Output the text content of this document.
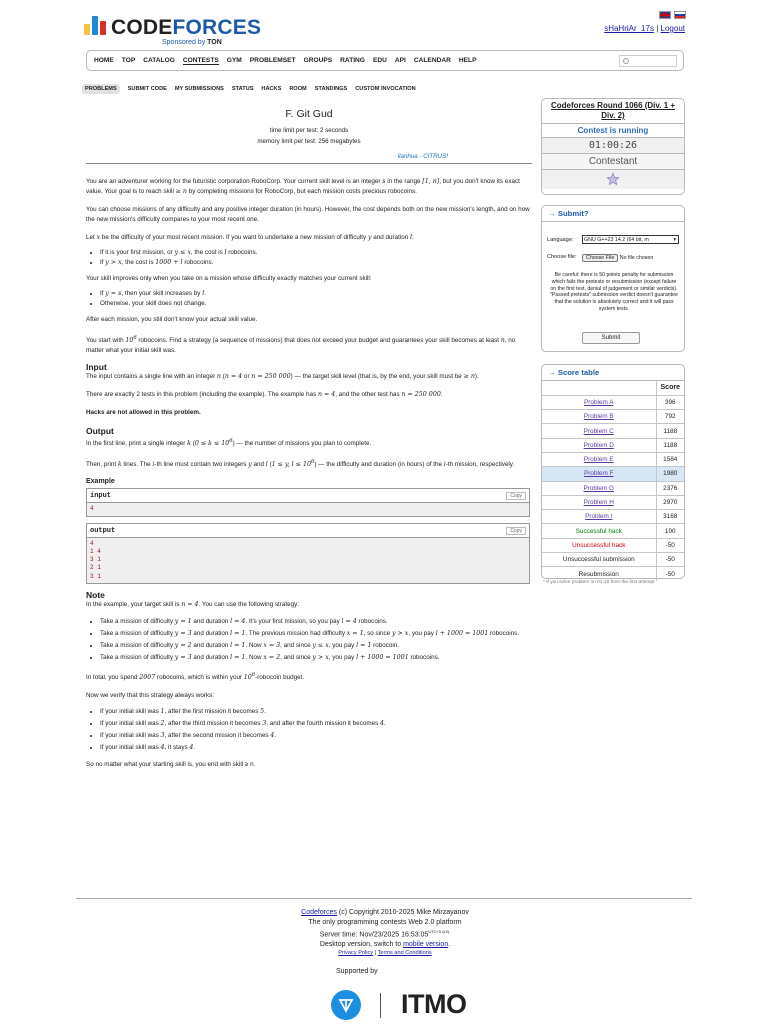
CODEFORCES
Sponsored by TON
sHaHriAr_17s | Logout
HOME TOP CATALOG CONTESTS GYM PROBLEMSET GROUPS RATING EDU API CALENDAR HELP
PROBLEMS	SUBMIT CODE MY SUBMISSIONS STATUS HACKS ROOM STANDINGS CUSTOM INVOCATION
F. Git Gud
time limit per test: 2 seconds
memory limit per test: 256 megabytes
llanhua - CITRUS!

You are an adventurer working for the futuristic corporation RoboCorp. Your current skill level is an integer s in the range [1, n], but you don't know its exact value. Your goal is to reach skill ≥ n by completing missions for RoboCorp, but each mission costs precious robocoins.

You can choose missions of any difficulty and any positive integer duration (in hours). However, the cost depends both on the new mission's length, and on how the new mission's difficulty compares to your most recent one.

Let x be the difficulty of your most recent mission. If you want to undertake a new mission of difficulty y and duration l:

• If it is your first mission, or y ≤ x, the cost is l robocoins.
• If y > x, the cost is 1000 + l robocoins.

Your skill improves only when you take on a mission whose difficulty exactly matches your current skill:

• If y = s, then your skill increases by l.
• Otherwise, your skill does not change.

After each mission, you still don't know your actual skill value.

You start with $10^6$ robocoins. Find a strategy (a sequence of missions) that does not exceed your budget and guarantees your skill becomes at least n, no matter what your initial skill was.

Input

The input contains a single line with an integer n (n = 4 or n = 250 000) — the target skill level (that is, by the end, your skill must be ≥ n).

There are exactly 2 tests in this problem (including the example). The example has n = 4, and the other test has n = 250 000.

Hacks are not allowed in this problem.

Output

In the first line, print a single integer k $(0 \le k \le 10^6)$ — the number of missions you plan to complete.

Then, print k lines. The i-th line must contain two integers y and l (1 ≤ y, $l \le 10^6$) — the difficulty and duration (in hours) of the i-th mission, respectively.

Example
input	Copy
4
output	Copy
4
1 4
3 1
2 1
3 1
Note

In the example, your target skill is n = 4. You can use the following strategy:

• Take a mission of difficulty y = 1 and duration l = 4. It's your first mission, so you pay l = 4 robocoins.
• Take a mission of difficulty y = 3 and duration l = 1. The previous mission had difficulty x = 1, so since y > x, you pay l + 1000 = 1001 robocoins.
• Take a mission of difficulty y = 2 and duration l = 1. Now x = 3, and since y ≤ x, you pay l = 1 robocoin.
• Take a mission of difficulty y = 3 and duration l = 1. Now x = 2, and since y > x, you pay l + 1000 = 1001 robocoins.

In total, you spend 2007 robocoins, which is within your $10^6$-robocoin budget.

Now we verify that this strategy always works:

• If your initial skill was 1, after the first mission it becomes 5.
• If your initial skill was 2, after the third mission it becomes 3, and after the fourth mission it becomes 4.
• If your initial skill was 3, after the second mission it becomes 4.
• If your initial skill was 4, it stays 4.

So no matter what your starting skill is, you end with skill ≥ n.

Codeforces Round 1066 (Div. 1 + Div. 2)
Contest is running
01:00:26
Contestant
→ Submit?
Language:	GNU G++23 14.2 (64 bit, m	▾
Choose file:	Choose File No file chosen
Be careful: there is 50 points penalty for submission which fails the pretests or resubmission (except failure on the first test, denial of judgement or similar verdicts). "Passed pretests" submission verdict doesn't guarantee that the solution is absolutely correct and it will pass system tests.
Submit
→ Score table
	Score
Problem A	396
Problem B	792
Problem C	1188
Problem D	1188
Problem E	1584
Problem F	1980
Problem G	2376
Problem H	2970
Problem I	3168
Successful hack	100
Unsuccessful hack	-50
Unsuccessful submission	-50
Resubmission	-50
* If you solve problem on 01:18 from the first attempt
Codeforces (c) Copyright 2010-2025 Mike Mirzayanov
The only programming contests Web 2.0 platform
Server time: Nov/23/2025 $16:53:05^{UTC+5 (k3).}$
Desktop version, switch to mobile version.
Privacy Policy | Terms and Conditions
Supported by
ITMO
